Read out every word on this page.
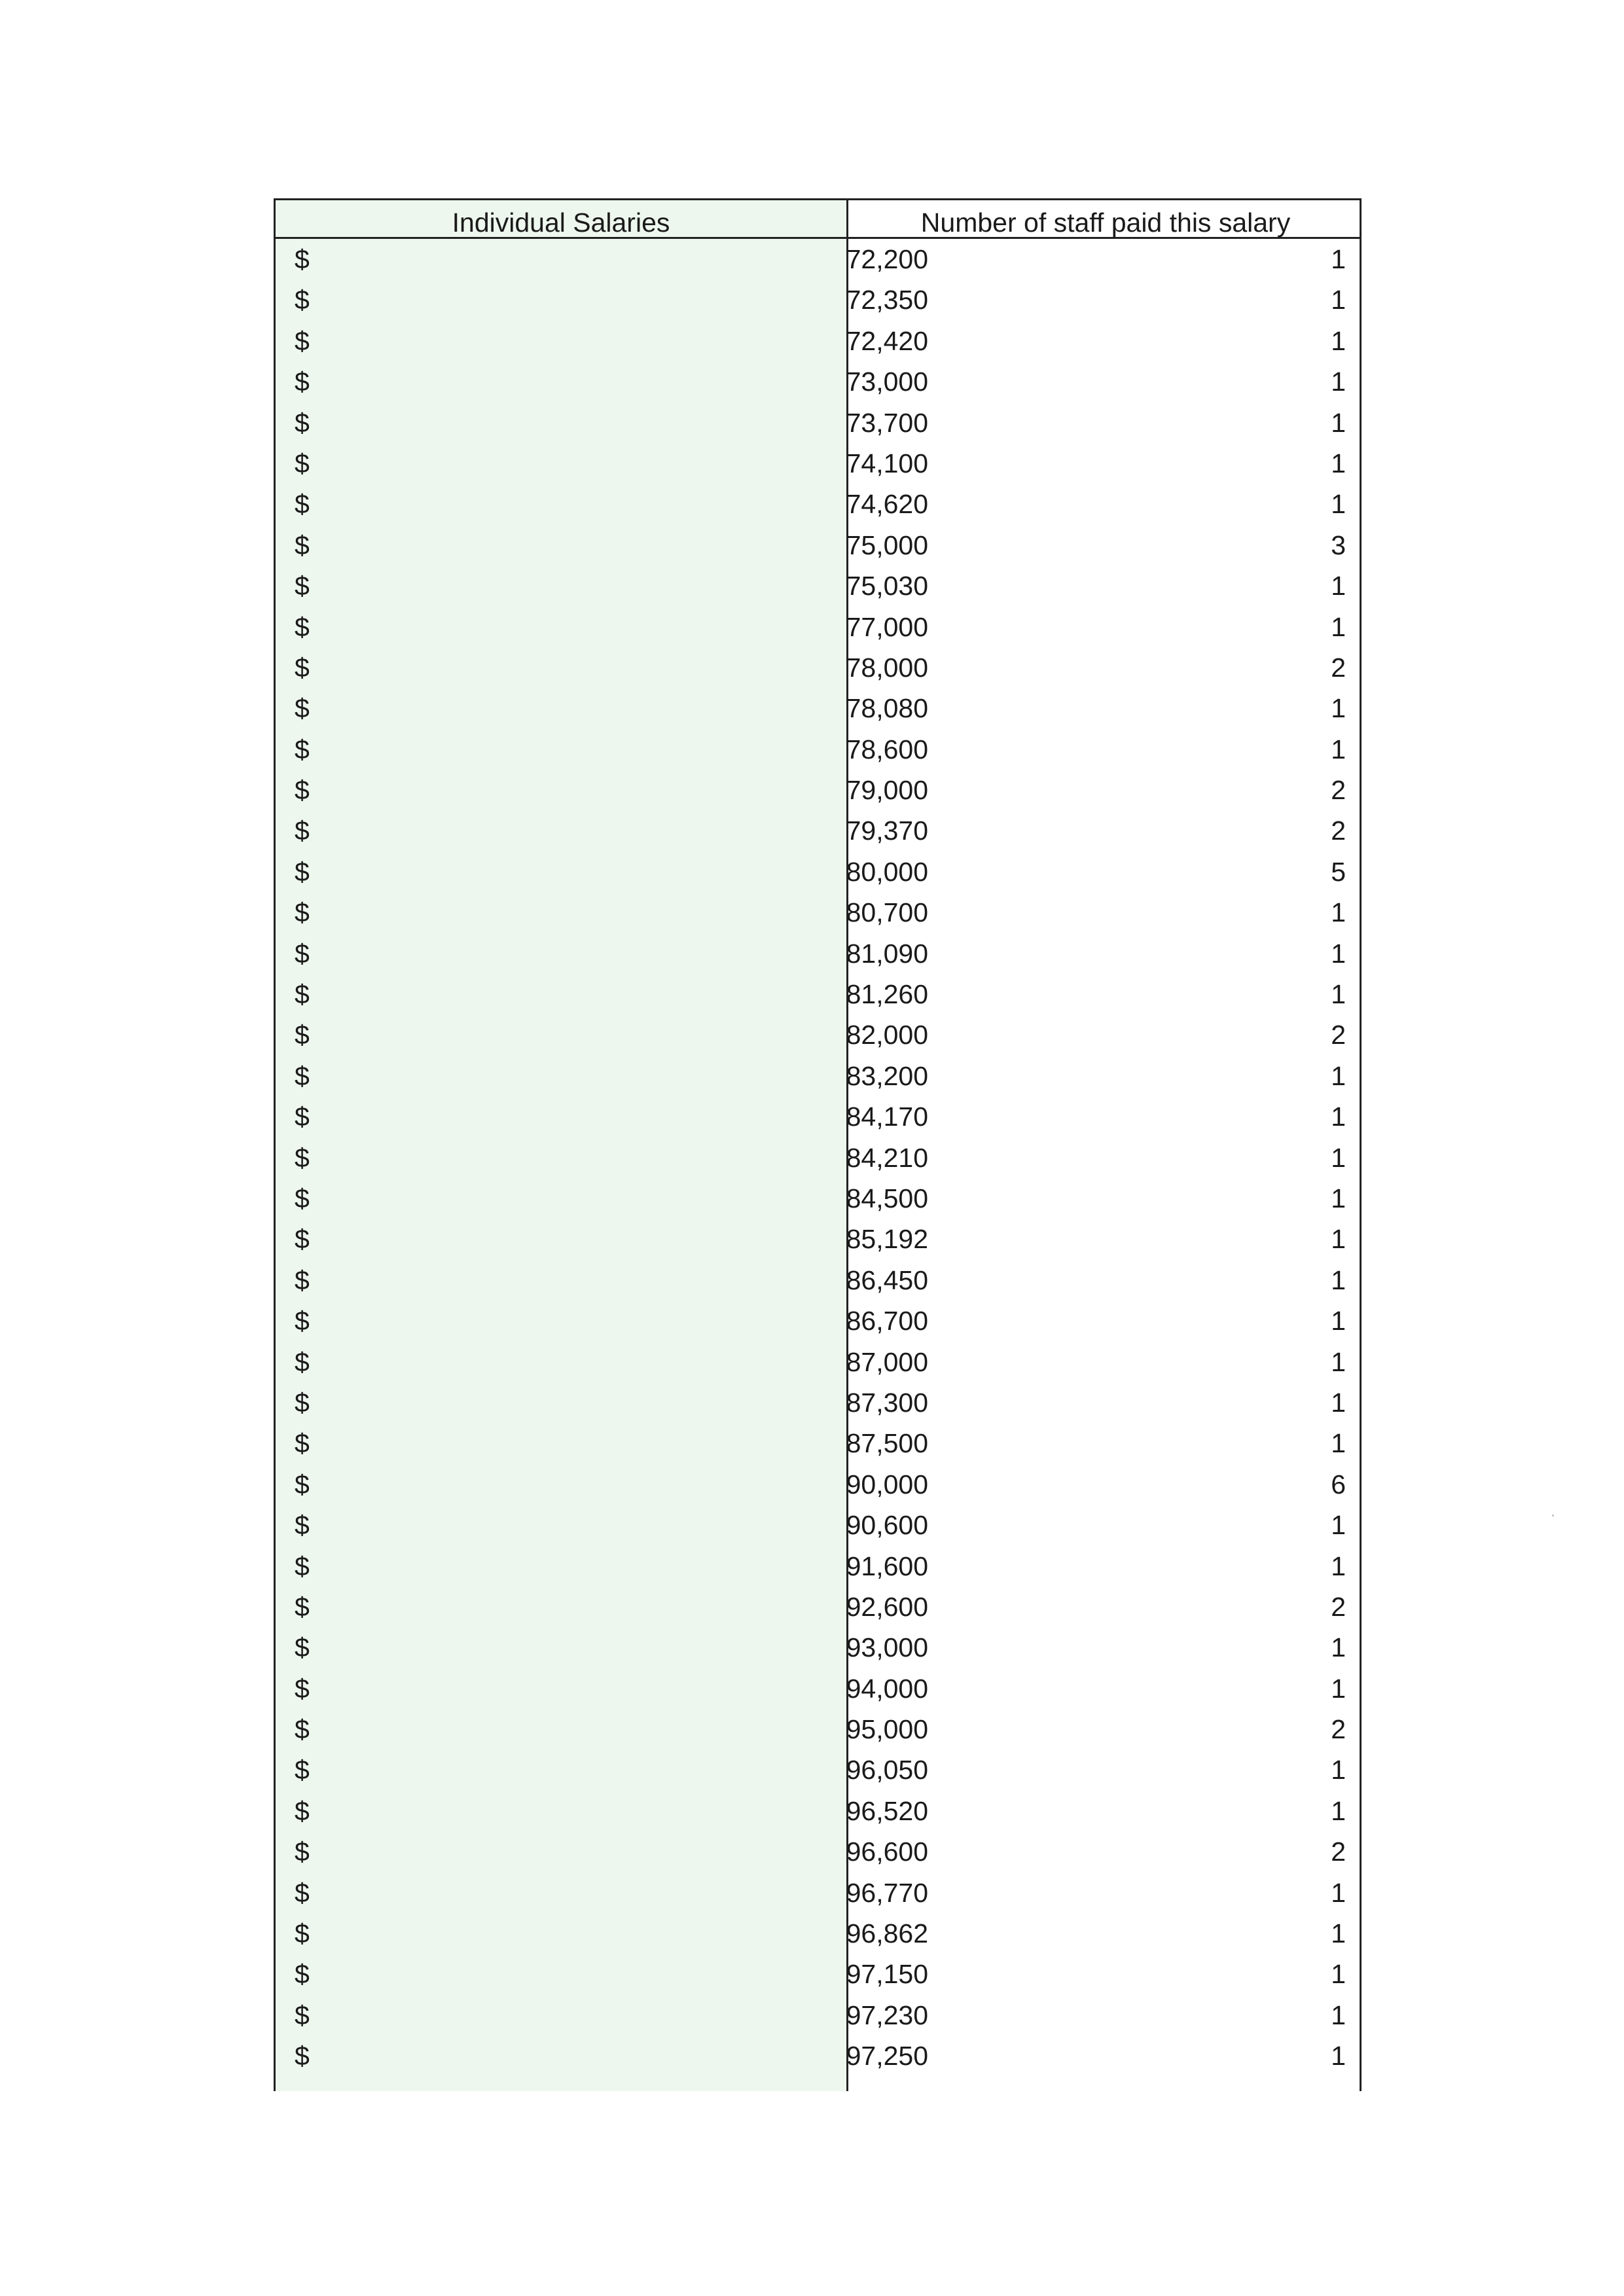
Individual Salaries	Number of staff paid this salary
$	72,200	1
$	72,350	1
$	72,420	1
$	73,000	1
$	73,700	1
$	74,100	1
$	74,620	1
$	75,000	3
$	75,030	1
$	77,000	1
$	78,000	2
$	78,080	1
$	78,600	1
$	79,000	2
$	79,370	2
$	80,000	5
$	80,700	1
$	81,090	1
$	81,260	1
$	82,000	2
$	83,200	1
$	84,170	1
$	84,210	1
$	84,500	1
$	85,192	1
$	86,450	1
$	86,700	1
$	87,000	1
$	87,300	1
$	87,500	1
$	90,000	6
$	90,600	1
$	91,600	1
$	92,600	2
$	93,000	1
$	94,000	1
$	95,000	2
$	96,050	1
$	96,520	1
$	96,600	2
$	96,770	1
$	96,862	1
$	97,150	1
$	97,230	1
$	97,250	1
